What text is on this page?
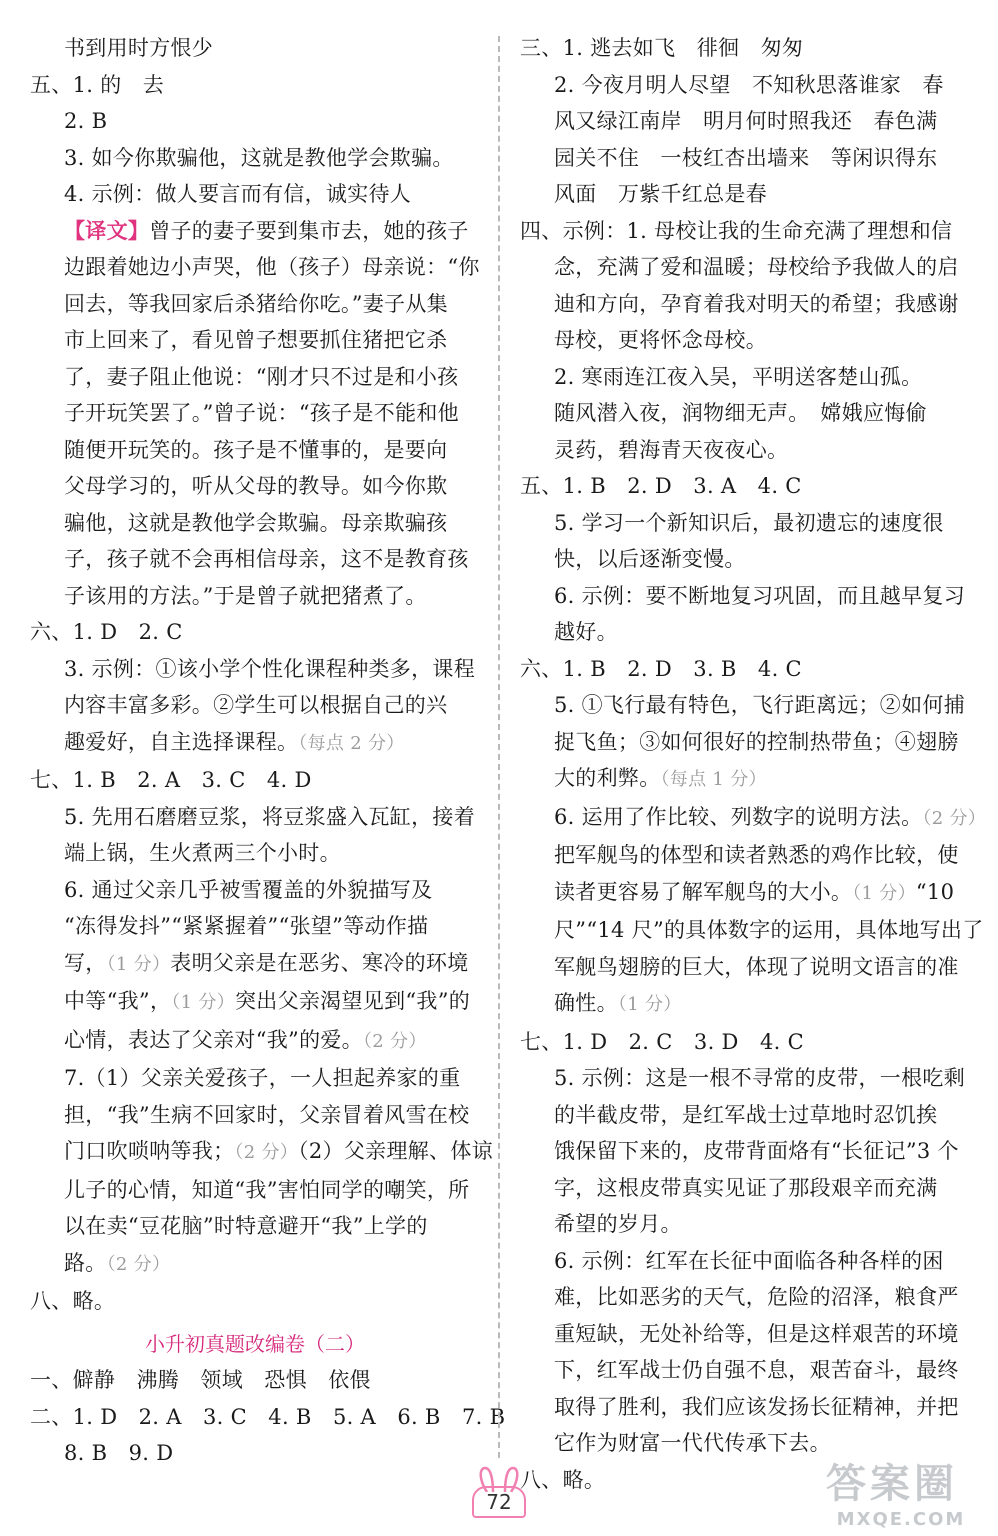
书到用时方恨少
五、1. 的　去
2. B
3. 如今你欺骗他，这就是教他学会欺骗。
4. 示例：做人要言而有信，诚实待人
【译文】曾子的妻子要到集市去，她的孩子
边跟着她边小声哭，他（孩子）母亲说：“你
回去，等我回家后杀猪给你吃。”妻子从集
市上回来了，看见曾子想要抓住猪把它杀
了，妻子阻止他说：“刚才只不过是和小孩
子开玩笑罢了。”曾子说：“孩子是不能和他
随便开玩笑的。孩子是不懂事的，是要向
父母学习的，听从父母的教导。如今你欺
骗他，这就是教他学会欺骗。母亲欺骗孩
子，孩子就不会再相信母亲，这不是教育孩
子该用的方法。”于是曾子就把猪煮了。
六、1. D　2. C
3. 示例：①该小学个性化课程种类多，课程
内容丰富多彩。②学生可以根据自己的兴
趣爱好，自主选择课程。（每点 2 分）
七、1. B　2. A　3. C　4. D
5. 先用石磨磨豆浆，将豆浆盛入瓦缸，接着
端上锅，生火煮两三个小时。
6. 通过父亲几乎被雪覆盖的外貌描写及
“冻得发抖”“紧紧握着”“张望”等动作描
写，（1 分）表明父亲是在恶劣、寒冷的环境
中等“我”，（1 分）突出父亲渴望见到“我”的
心情，表达了父亲对“我”的爱。（2 分）
7.（1）父亲关爱孩子，一人担起养家的重
担，“我”生病不回家时，父亲冒着风雪在校
门口吹唢呐等我；（2 分）（2）父亲理解、体谅
儿子的心情，知道“我”害怕同学的嘲笑，所
以在卖“豆花脑”时特意避开“我”上学的
路。（2 分）
八、略。
小升初真题改编卷（二）
一、僻静　沸腾　领域　恐惧　依偎
二、1. D　2. A　3. C　4. B　5. A　6. B　7. B
8. B　9. D
三、1. 逃去如飞　徘徊　匆匆
2. 今夜月明人尽望　不知秋思落谁家　春
风又绿江南岸　明月何时照我还　春色满
园关不住　一枝红杏出墙来　等闲识得东
风面　万紫千红总是春
四、示例：1. 母校让我的生命充满了理想和信
念，充满了爱和温暖；母校给予我做人的启
迪和方向，孕育着我对明天的希望；我感谢
母校，更将怀念母校。
2. 寒雨连江夜入吴，平明送客楚山孤。
随风潜入夜，润物细无声。　嫦娥应悔偷
灵药，碧海青天夜夜心。
五、1. B　2. D　3. A　4. C
5. 学习一个新知识后，最初遗忘的速度很
快，以后逐渐变慢。
6. 示例：要不断地复习巩固，而且越早复习
越好。
六、1. B　2. D　3. B　4. C
5. ①飞行最有特色，飞行距离远；②如何捕
捉飞鱼；③如何很好的控制热带鱼；④翅膀
大的利弊。（每点 1 分）
6. 运用了作比较、列数字的说明方法。（2 分）
把军舰鸟的体型和读者熟悉的鸡作比较，使
读者更容易了解军舰鸟的大小。（1 分）“10
尺”“14 尺”的具体数字的运用，具体地写出了
军舰鸟翅膀的巨大，体现了说明文语言的准
确性。（1 分）
七、1. D　2. C　3. D　4. C
5. 示例：这是一根不寻常的皮带，一根吃剩
的半截皮带，是红军战士过草地时忍饥挨
饿保留下来的，皮带背面烙有“长征记”3 个
字，这根皮带真实见证了那段艰辛而充满
希望的岁月。
6. 示例：红军在长征中面临各种各样的困
难，比如恶劣的天气，危险的沼泽，粮食严
重短缺，无处补给等，但是这样艰苦的环境
下，红军战士仍自强不息，艰苦奋斗，最终
取得了胜利，我们应该发扬长征精神，并把
它作为财富一代代传承下去。
八、略。
72	答案圈
MXQE.COM
